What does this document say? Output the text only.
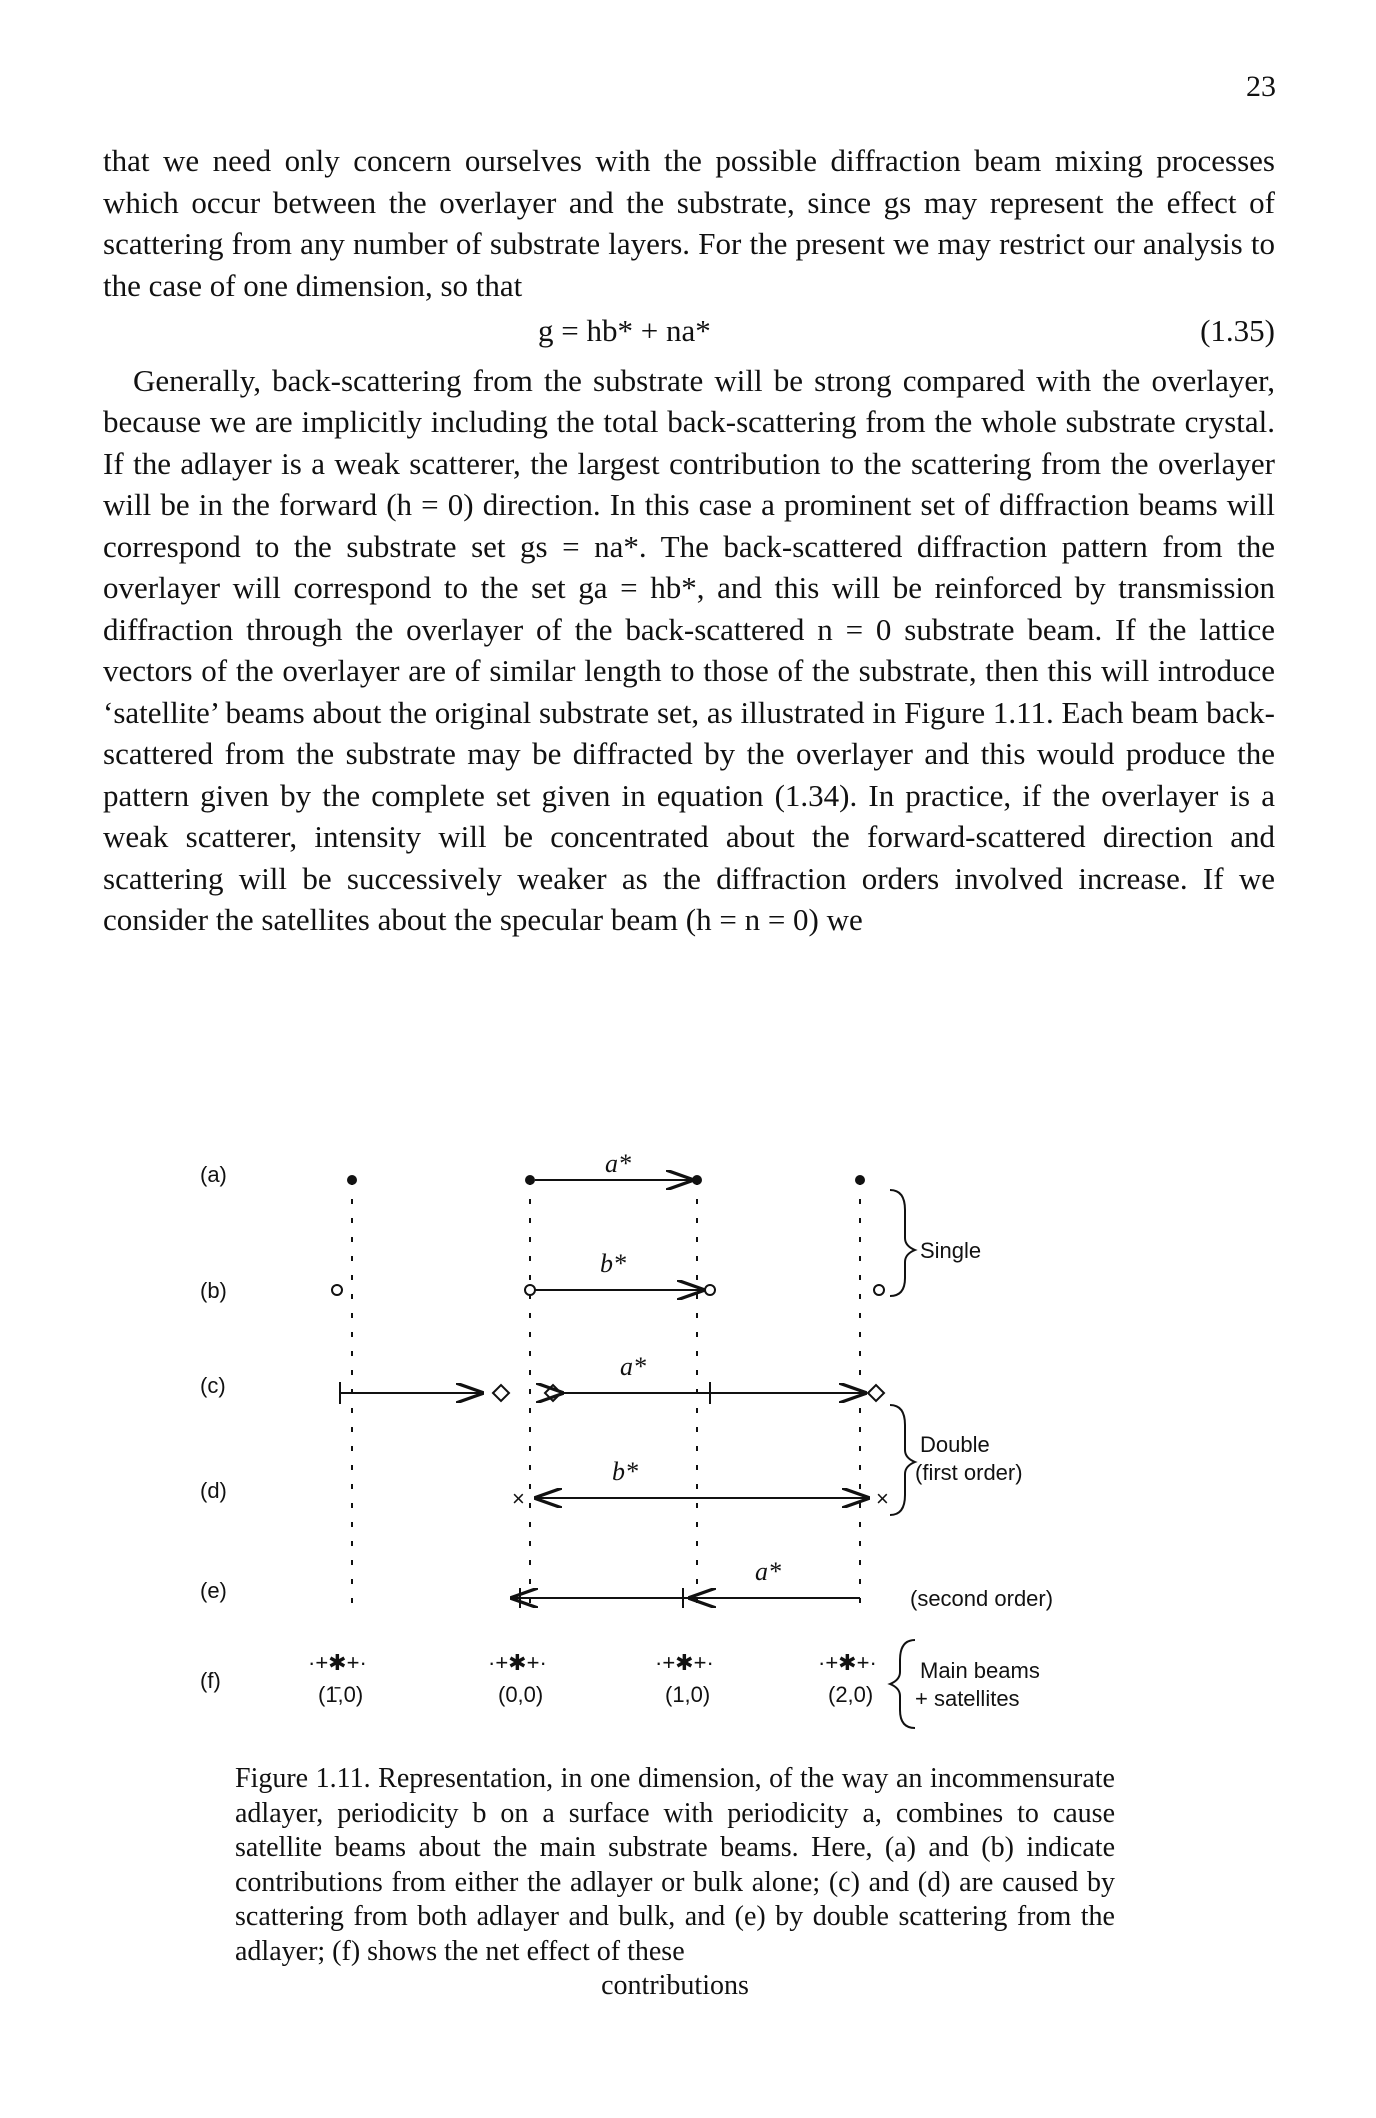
23

that we need only concern ourselves with the possible diffraction beam mixing processes which occur between the overlayer and the substrate, since gs may represent the effect of scattering from any number of substrate layers. For the present we may restrict our analysis to the case of one dimension, so that

g = hb* + na*	(1.35)

Generally, back-scattering from the substrate will be strong compared with the overlayer, because we are implicitly including the total back-scattering from the whole substrate crystal. If the adlayer is a weak scatterer, the largest contribution to the scattering from the overlayer will be in the forward (h = 0) direction. In this case a prominent set of diffraction beams will correspond to the substrate set gs = na*. The back-scattered diffraction pattern from the overlayer will correspond to the set ga = hb*, and this will be reinforced by transmission diffraction through the overlayer of the back-scattered n = 0 substrate beam. If the lattice vectors of the overlayer are of similar length to those of the substrate, then this will introduce ‘satellite’ beams about the original substrate set, as illustrated in Figure 1.11. Each beam back-scattered from the substrate may be diffracted by the overlayer and this would produce the pattern given by the complete set given in equation (1.34). In practice, if the overlayer is a weak scatterer, intensity will be concentrated about the forward-scattered direction and scattering will be successively weaker as the diffraction orders involved increase. If we consider the satellites about the specular beam (h = n = 0) we

(a)
(b)
(c)
(d)
(e)
(f)
a*
b*	Single
a*
×	×
b*
Double
(first order)
a*
(second order)
·+✱+·	·+✱+·	·+✱+·	·+✱+·
(1̄,0)	(0,0)	(1,0)	(2,0)
Main beams
+ satellites
Figure 1.11. Representation, in one dimension, of the way an incommensurate adlayer, periodicity b on a surface with periodicity a, combines to cause satellite beams about the main substrate beams. Here, (a) and (b) indicate contributions from either the adlayer or bulk alone; (c) and (d) are caused by scattering from both adlayer and bulk, and (e) by double scattering from the adlayer; (f) shows the net effect of these
contributions
